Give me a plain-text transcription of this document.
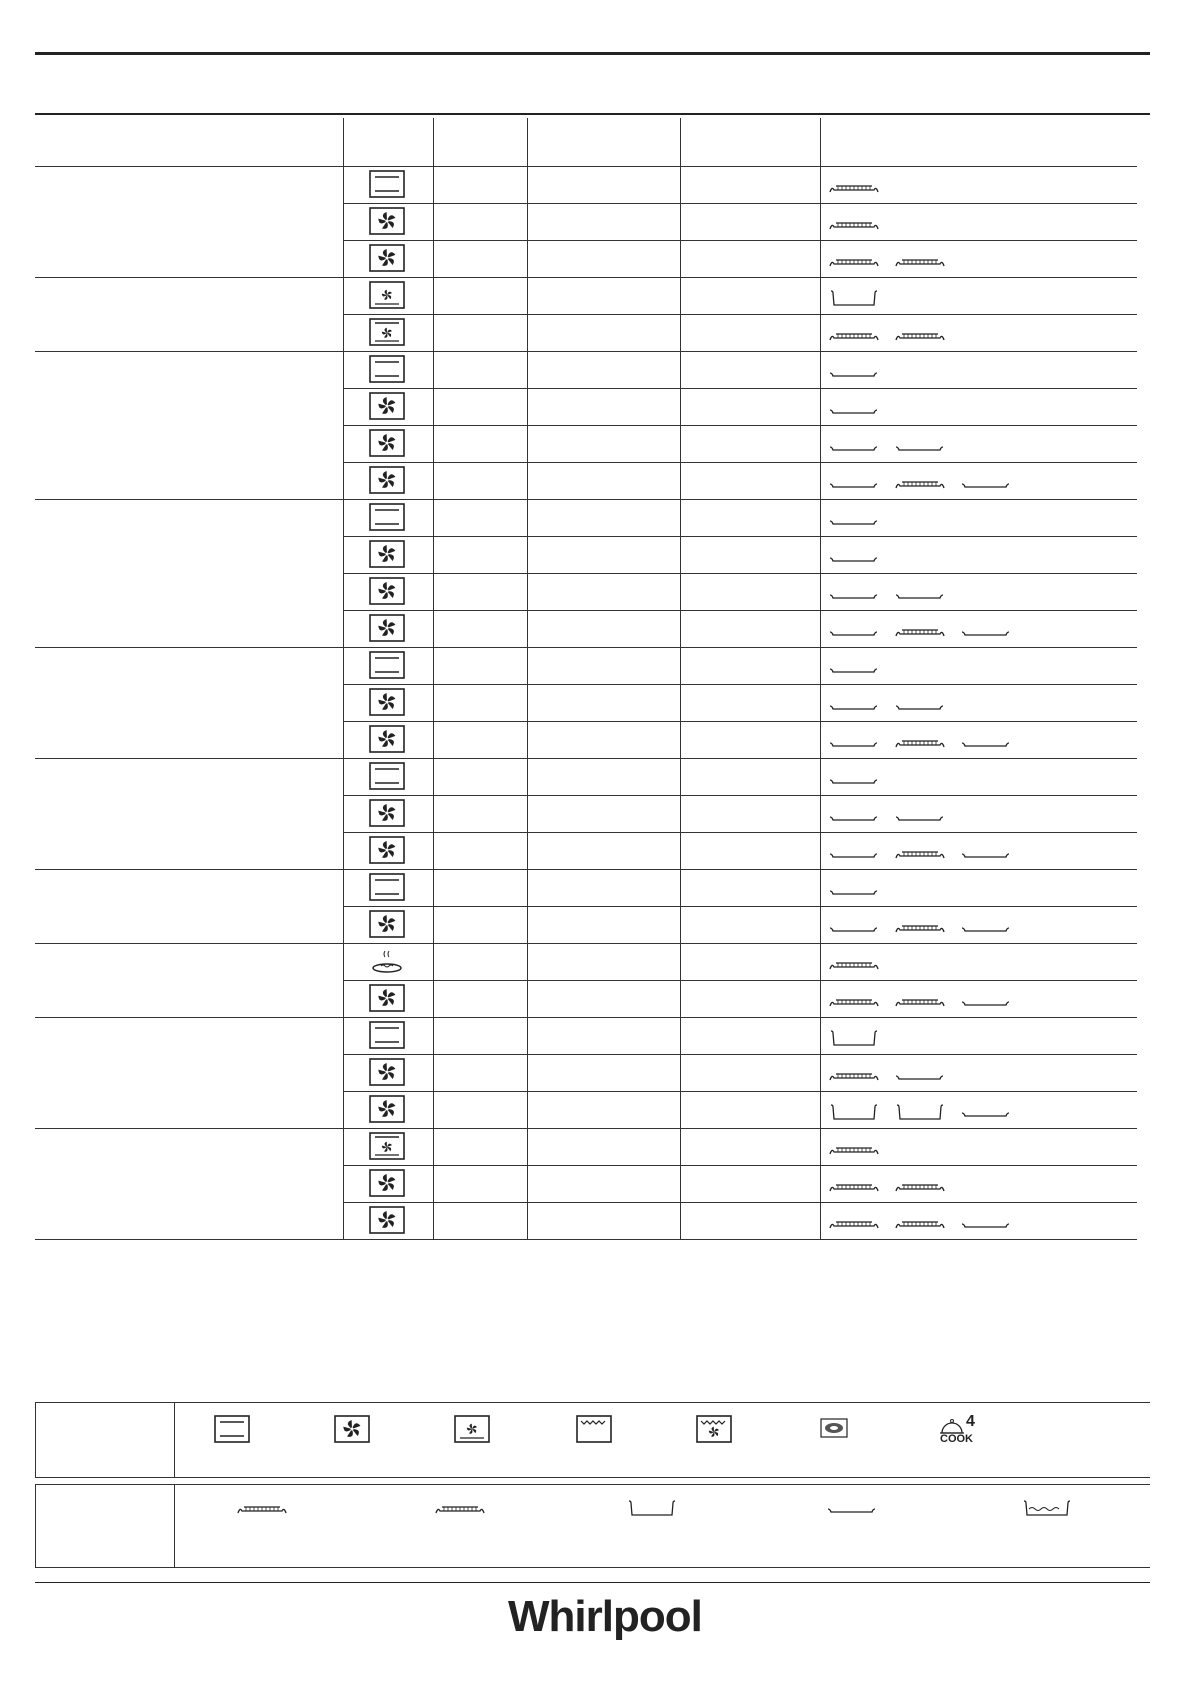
4
COOK
Whirlpool
